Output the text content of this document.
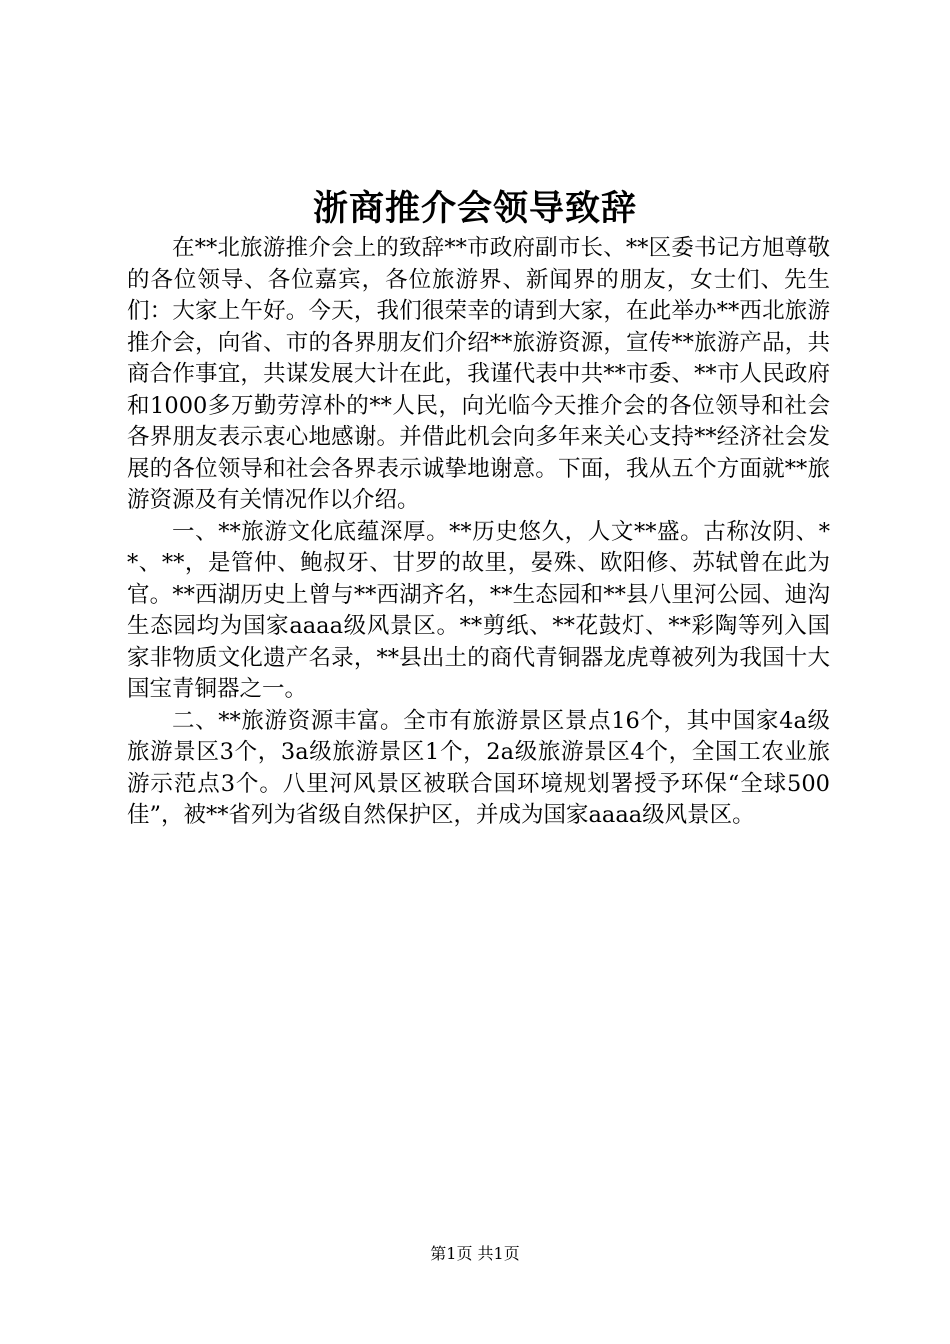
浙商推介会领导致辞

在**北旅游推介会上的致辞**市政府副市长、**区委书记方旭尊敬的各位领导、各位嘉宾，各位旅游界、新闻界的朋友，女士们、先生们：大家上午好。今天，我们很荣幸的请到大家，在此举办**西北旅游推介会，向省、市的各界朋友们介绍**旅游资源，宣传**旅游产品，共商合作事宜，共谋发展大计在此，我谨代表中共**市委、**市人民政府和1000多万勤劳淳朴的**人民，向光临今天推介会的各位领导和社会各界朋友表示衷心地感谢。并借此机会向多年来关心支持**经济社会发展的各位领导和社会各界表示诚挚地谢意。下面，我从五个方面就**旅游资源及有关情况作以介绍。

一、**旅游文化底蕴深厚。**历史悠久，人文**盛。古称汝阴、**、**，是管仲、鲍叔牙、甘罗的故里，晏殊、欧阳修、苏轼曾在此为官。**西湖历史上曾与**西湖齐名，**生态园和**县八里河公园、迪沟生态园均为国家aaaa级风景区。**剪纸、**花鼓灯、**彩陶等列入国家非物质文化遗产名录，**县出土的商代青铜器龙虎尊被列为我国十大国宝青铜器之一。

二、**旅游资源丰富。全市有旅游景区景点16个，其中国家4a级旅游景区3个，3a级旅游景区1个，2a级旅游景区4个，全国工农业旅游示范点3个。八里河风景区被联合国环境规划署授予环保“全球500佳”，被**省列为省级自然保护区，并成为国家aaaa级风景区。

第1页 共1页
